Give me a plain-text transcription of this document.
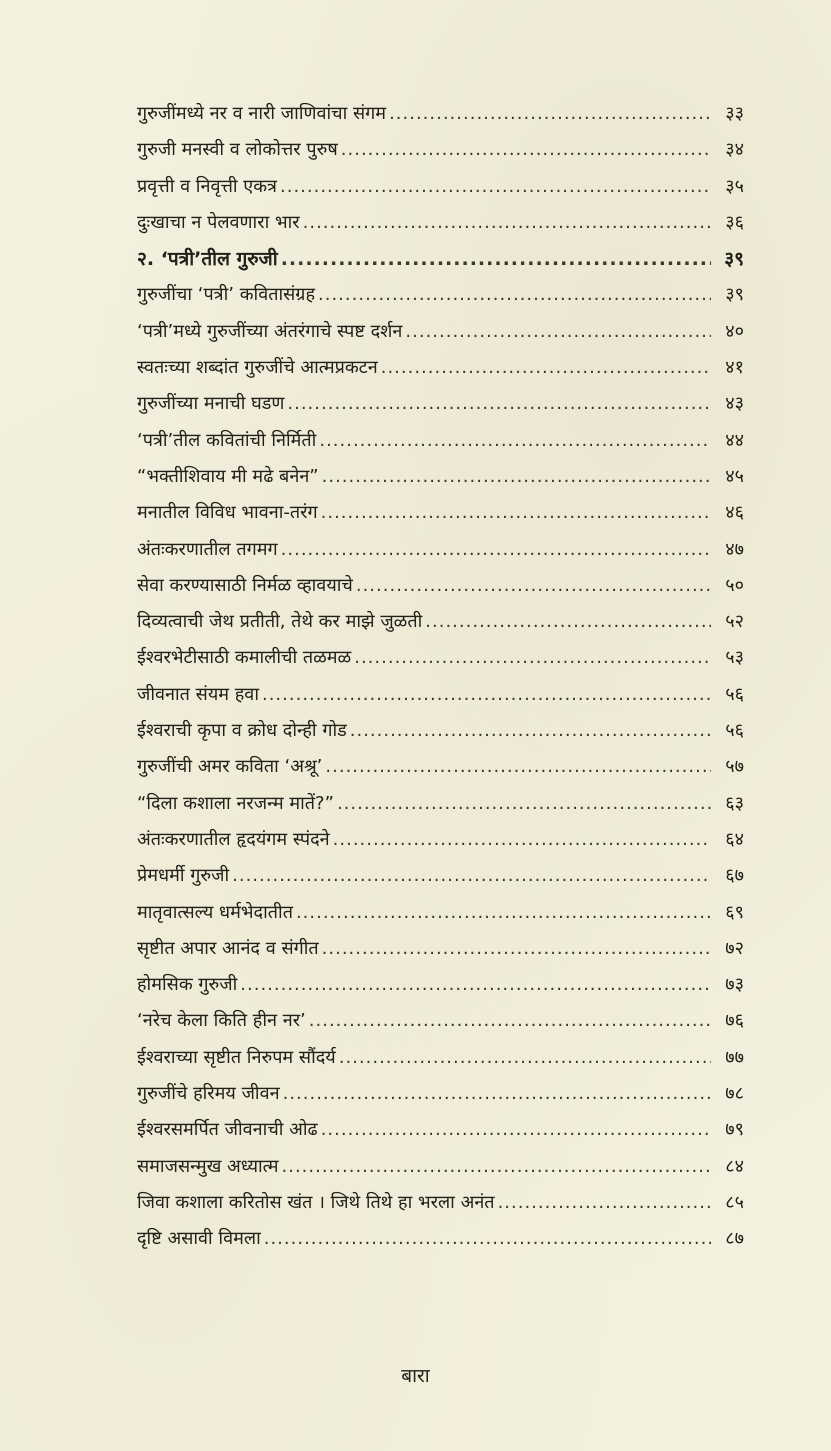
गुरुजींमध्ये नर व नारी जाणिवांचा संगम .....	३३
गुरुजी मनस्वी व लोकोत्तर पुरुष .....	३४
प्रवृत्ती व निवृत्ती एकत्र .....	३५
दुःखाचा न पेलवणारा भार .....	३६
२. ‘पत्री’तील गुरुजी .....	३९
गुरुजींचा ‘पत्री’ कवितासंग्रह .....	३९
‘पत्री’मध्ये गुरुजींच्या अंतरंगाचे स्पष्ट दर्शन .....	४०
स्वतःच्या शब्दांत गुरुजींचे आत्मप्रकटन .....	४१
गुरुजींच्या मनाची घडण .....	४३
‘पत्री’तील कवितांची निर्मिती .....	४४
“भक्तीशिवाय मी मढे बनेन” .....	४५
मनातील विविध भावना-तरंग .....	४६
अंतःकरणातील तगमग .....	४७
सेवा करण्यासाठी निर्मळ व्हावयाचे .....	५०
दिव्यत्वाची जेथ प्रतीती, तेथे कर माझे जुळती .....	५२
ईश्वरभेटीसाठी कमालीची तळमळ .....	५३
जीवनात संयम हवा .....	५६
ईश्वराची कृपा व क्रोध दोन्ही गोड .....	५६
गुरुजींची अमर कविता ‘अश्रू’ .....	५७
“दिला कशाला नरजन्म मातें?” .....	६३
अंतःकरणातील हृदयंगम स्पंदने .....	६४
प्रेमधर्मी गुरुजी .....	६७
मातृवात्सल्य धर्मभेदातीत .....	६९
सृष्टीत अपार आनंद व संगीत .....	७२
होमसिक गुरुजी .....	७३
‘नरेच केला किति हीन नर’ .....	७६
ईश्वराच्या सृष्टीत निरुपम सौंदर्य .....	७७
गुरुजींचे हरिमय जीवन .....	७८
ईश्वरसमर्पित जीवनाची ओढ .....	७९
समाजसन्मुख अध्यात्म .....	८४
जिवा कशाला करितोस खंत । जिथे तिथे हा भरला अनंत .....	८५
दृष्टि असावी विमला .....	८७
बारा
